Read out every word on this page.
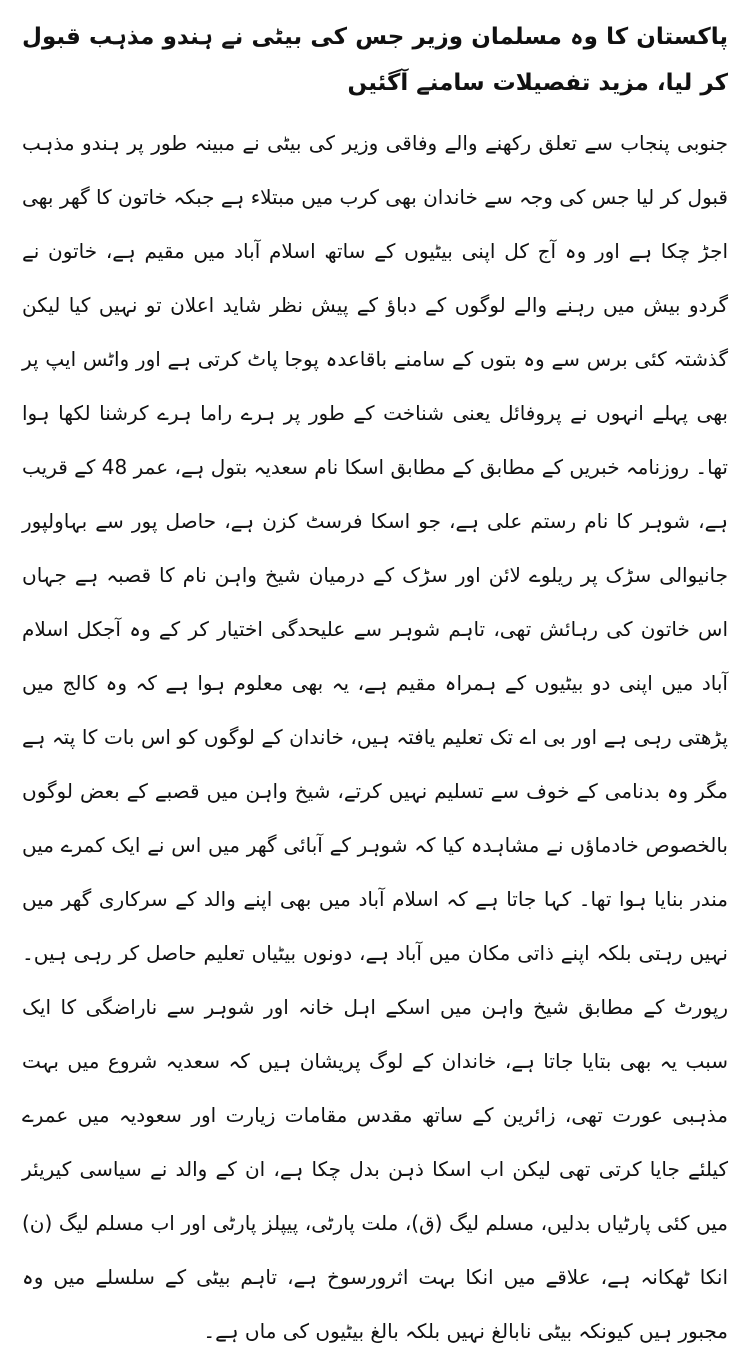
پاکستان کا وہ مسلمان وزیر جس کی بیٹی نے ہندو مذہب قبول کر لیا، مزید تفصیلات سامنے آگئیں

جنوبی پنجاب سے تعلق رکھنے والے وفاقی وزیر کی بیٹی نے مبینہ طور پر ہندو مذہب قبول کر لیا جس کی وجہ سے خاندان بھی کرب میں مبتلاء ہے جبکہ خاتون کا گھر بھی اجڑ چکا ہے اور وہ آج کل اپنی بیٹیوں کے ساتھ اسلام آباد میں مقیم ہے، خاتون نے گردو بیش میں رہنے والے لوگوں کے دباؤ کے پیش نظر شاید اعلان تو نہیں کیا لیکن گذشتہ کئی برس سے وہ بتوں کے سامنے باقاعدہ پوجا پاٹ کرتی ہے اور واٹس ایپ پر بھی پہلے انہوں نے پروفائل یعنی شناخت کے طور پر ہرے راما ہرے کرشنا لکھا ہوا تھا۔ روزنامہ خبریں کے مطابق کے مطابق اسکا نام سعدیہ بتول ہے، عمر 48 کے قریب ہے، شوہر کا نام رستم علی ہے، جو اسکا فرسٹ کزن ہے، حاصل پور سے بہاولپور جانیوالی سڑک پر ریلوے لائن اور سڑک کے درمیان شیخ واہن نام کا قصبہ ہے جہاں اس خاتون کی رہائش تھی، تاہم شوہر سے علیحدگی اختیار کر کے وہ آجکل اسلام آباد میں اپنی دو بیٹیوں کے ہمراہ مقیم ہے، یہ بھی معلوم ہوا ہے کہ وہ کالج میں پڑھتی رہی ہے اور بی اے تک تعلیم یافتہ ہیں، خاندان کے لوگوں کو اس بات کا پتہ ہے مگر وہ بدنامی کے خوف سے تسلیم نہیں کرتے، شیخ واہن میں قصبے کے بعض لوگوں بالخصوص خادماؤں نے مشاہدہ کیا کہ شوہر کے آبائی گھر میں اس نے ایک کمرے میں مندر بنایا ہوا تھا۔ کہا جاتا ہے کہ اسلام آباد میں بھی اپنے والد کے سرکاری گھر میں نہیں رہتی بلکہ اپنے ذاتی مکان میں آباد ہے، دونوں بیٹیاں تعلیم حاصل کر رہی ہیں۔ رپورٹ کے مطابق شیخ واہن میں اسکے اہل خانہ اور شوہر سے ناراضگی کا ایک سبب یہ بھی بتایا جاتا ہے، خاندان کے لوگ پریشان ہیں کہ سعدیہ شروع میں بہت مذہبی عورت تھی، زائرین کے ساتھ مقدس مقامات زیارت اور سعودیہ میں عمرے کیلئے جایا کرتی تھی لیکن اب اسکا ذہن بدل چکا ہے، ان کے والد نے سیاسی کیریئر میں کئی پارٹیاں بدلیں، مسلم لیگ (ق)، ملت پارٹی، پیپلز پارٹی اور اب مسلم لیگ (ن) انکا ٹھکانہ ہے، علاقے میں انکا بہت اثرورسوخ ہے، تاہم بیٹی کے سلسلے میں وہ مجبور ہیں کیونکہ بیٹی نابالغ نہیں بلکہ بالغ بیٹیوں کی ماں ہے۔
